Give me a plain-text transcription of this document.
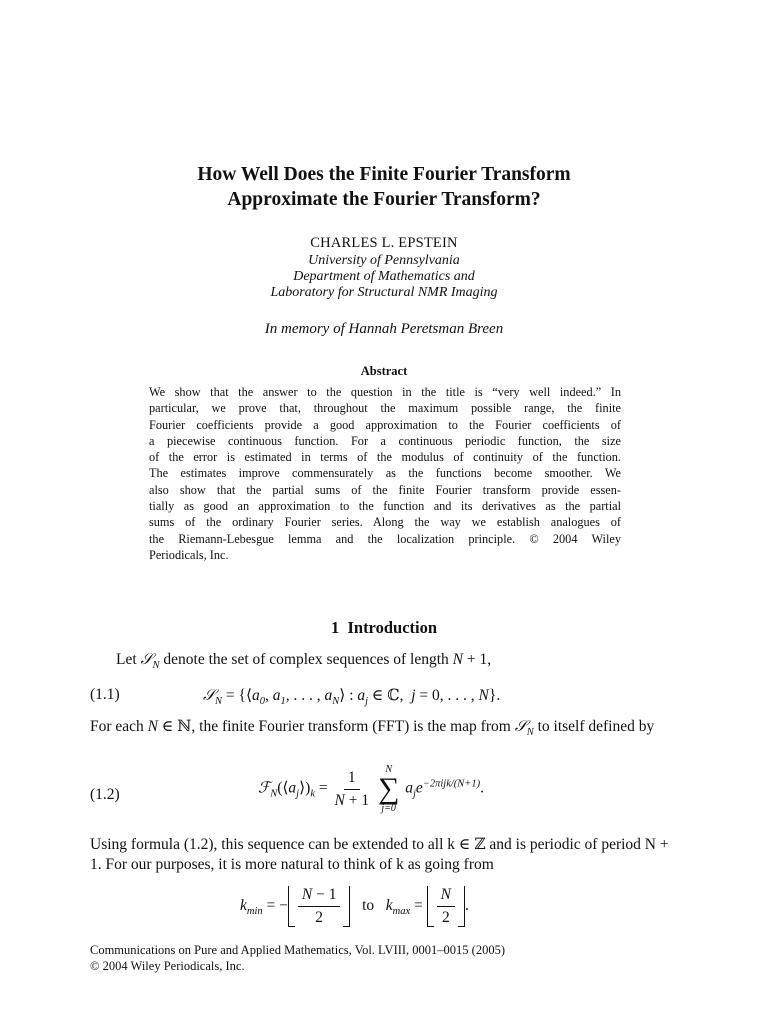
How Well Does the Finite Fourier Transform
Approximate the Fourier Transform?
CHARLES L. EPSTEIN
University of Pennsylvania
Department of Mathematics and
Laboratory for Structural NMR Imaging
In memory of Hannah Peretsman Breen
Abstract
We show that the answer to the question in the title is “very well indeed.” In
particular, we prove that, throughout the maximum possible range, the finite
Fourier coefficients provide a good approximation to the Fourier coefficients of
a piecewise continuous function. For a continuous periodic function, the size
of the error is estimated in terms of the modulus of continuity of the function.
The estimates improve commensurately as the functions become smoother. We
also show that the partial sums of the finite Fourier transform provide essen-
tially as good an approximation to the function and its derivatives as the partial
sums of the ordinary Fourier series. Along the way we establish analogues of
the Riemann-Lebesgue lemma and the localization principle. © 2004 Wiley
Periodicals, Inc.
1 Introduction
Let 𝒮$_N$ denote the set of complex sequences of length N + 1,
(1.1)	𝒮$_N$ = {$⟨a_0$, $a_1$, . . . , $a_N⟩$ : $a_j$ ∈ ℂ,  j = 0, . . . , N}.
For each N ∈ ℕ, the finite Fourier transform (FFT) is the map from 𝒮$_N$ to itself defined by
(1.2)	$ℱ_N(⟨a_j⟩)_k = \frac{1}{N + 1}$
N
∑
j=0
$a_je^{-2\pi ijk/(N+1)}$.
Using formula (1.2), this sequence can be extended to all k ∈ ℤ and is periodic of period N + 1. For our purposes, it is more natural to think of k as going from
$k_{min}$ = − $\frac{N - 1}{2}$ to   $k_{max} = \frac{N}{2}$ .
Communications on Pure and Applied Mathematics, Vol. LVIII, 0001–0015 (2005)
© 2004 Wiley Periodicals, Inc.
